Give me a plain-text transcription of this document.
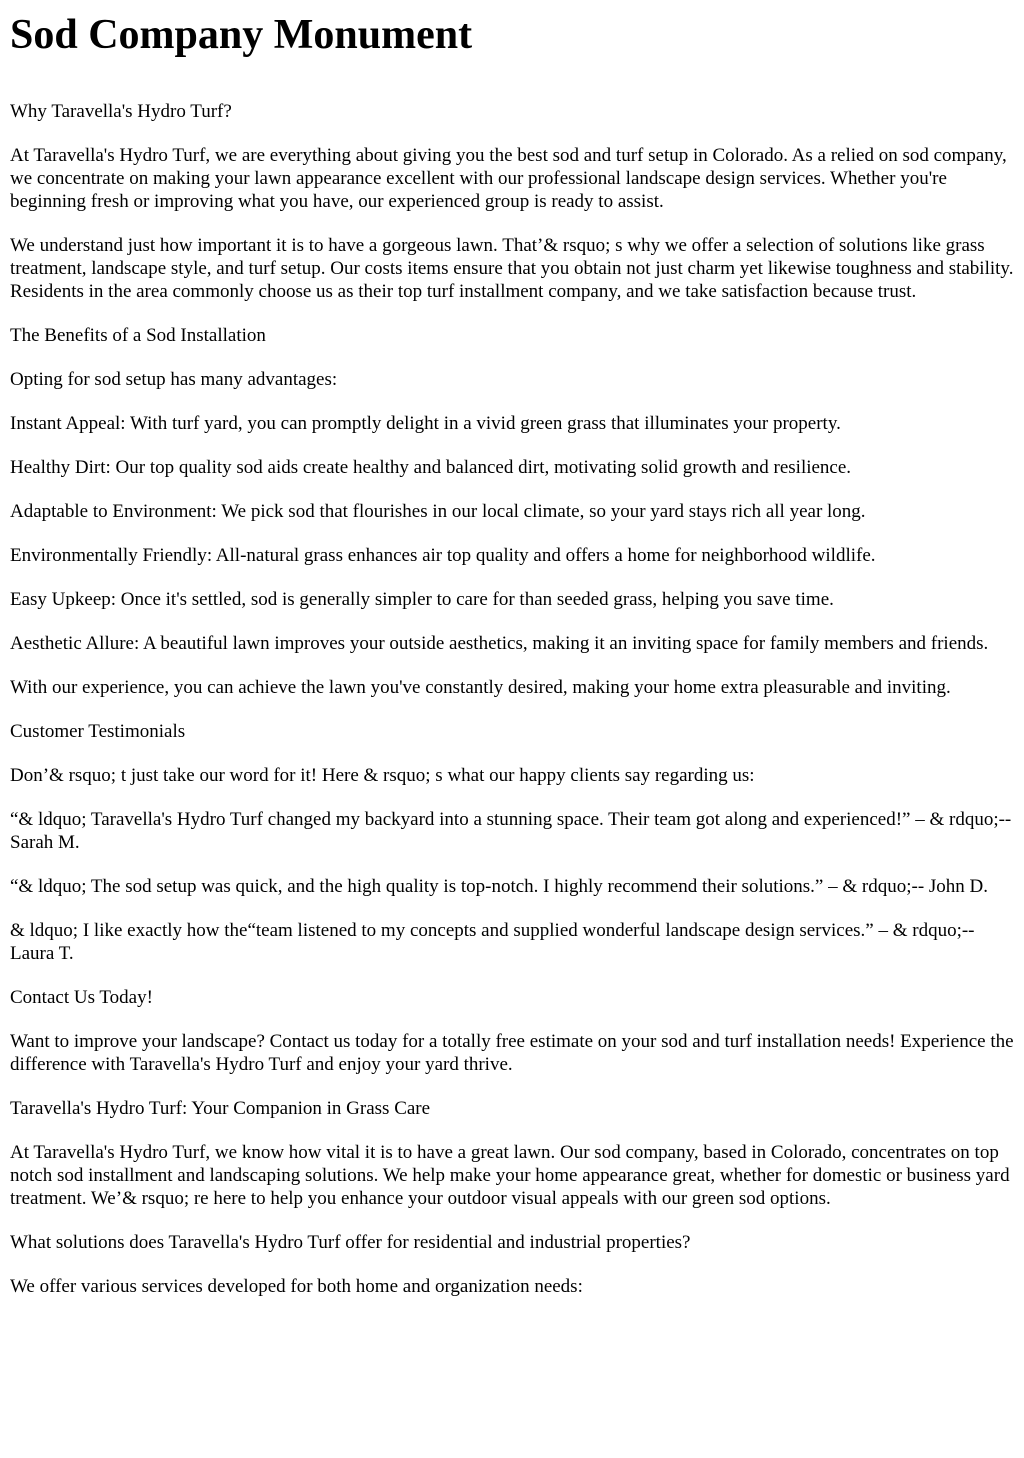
Sod Company Monument

Why Taravella's Hydro Turf?

At Taravella's Hydro Turf, we are everything about giving you the best sod and turf setup in Colorado. As a relied on sod company, we concentrate on making your lawn appearance excellent with our professional landscape design services. Whether you're beginning fresh or improving what you have, our experienced group is ready to assist.

We understand just how important it is to have a gorgeous lawn. That’& rsquo; s why we offer a selection of solutions like grass treatment, landscape style, and turf setup. Our costs items ensure that you obtain not just charm yet likewise toughness and stability. Residents in the area commonly choose us as their top turf installment company, and we take satisfaction because trust.

The Benefits of a Sod Installation

Opting for sod setup has many advantages:

Instant Appeal: With turf yard, you can promptly delight in a vivid green grass that illuminates your property.

Healthy Dirt: Our top quality sod aids create healthy and balanced dirt, motivating solid growth and resilience.

Adaptable to Environment: We pick sod that flourishes in our local climate, so your yard stays rich all year long.

Environmentally Friendly: All-natural grass enhances air top quality and offers a home for neighborhood wildlife.

Easy Upkeep: Once it's settled, sod is generally simpler to care for than seeded grass, helping you save time.

Aesthetic Allure: A beautiful lawn improves your outside aesthetics, making it an inviting space for family members and friends.

With our experience, you can achieve the lawn you've constantly desired, making your home extra pleasurable and inviting.

Customer Testimonials

Don’& rsquo; t just take our word for it! Here & rsquo; s what our happy clients say regarding us:

“& ldquo; Taravella's Hydro Turf changed my backyard into a stunning space. Their team got along and experienced!” – & rdquo;-- Sarah M.

“& ldquo; The sod setup was quick, and the high quality is top-notch. I highly recommend their solutions.” – & rdquo;-- John D.

& ldquo; I like exactly how the“team listened to my concepts and supplied wonderful landscape design services.” – & rdquo;-- Laura T.

Contact Us Today!

Want to improve your landscape? Contact us today for a totally free estimate on your sod and turf installation needs! Experience the difference with Taravella's Hydro Turf and enjoy your yard thrive.

Taravella's Hydro Turf: Your Companion in Grass Care

At Taravella's Hydro Turf, we know how vital it is to have a great lawn. Our sod company, based in Colorado, concentrates on top notch sod installment and landscaping solutions. We help make your home appearance great, whether for domestic or business yard treatment. We’& rsquo; re here to help you enhance your outdoor visual appeals with our green sod options.

What solutions does Taravella's Hydro Turf offer for residential and industrial properties?

We offer various services developed for both home and organization needs:
